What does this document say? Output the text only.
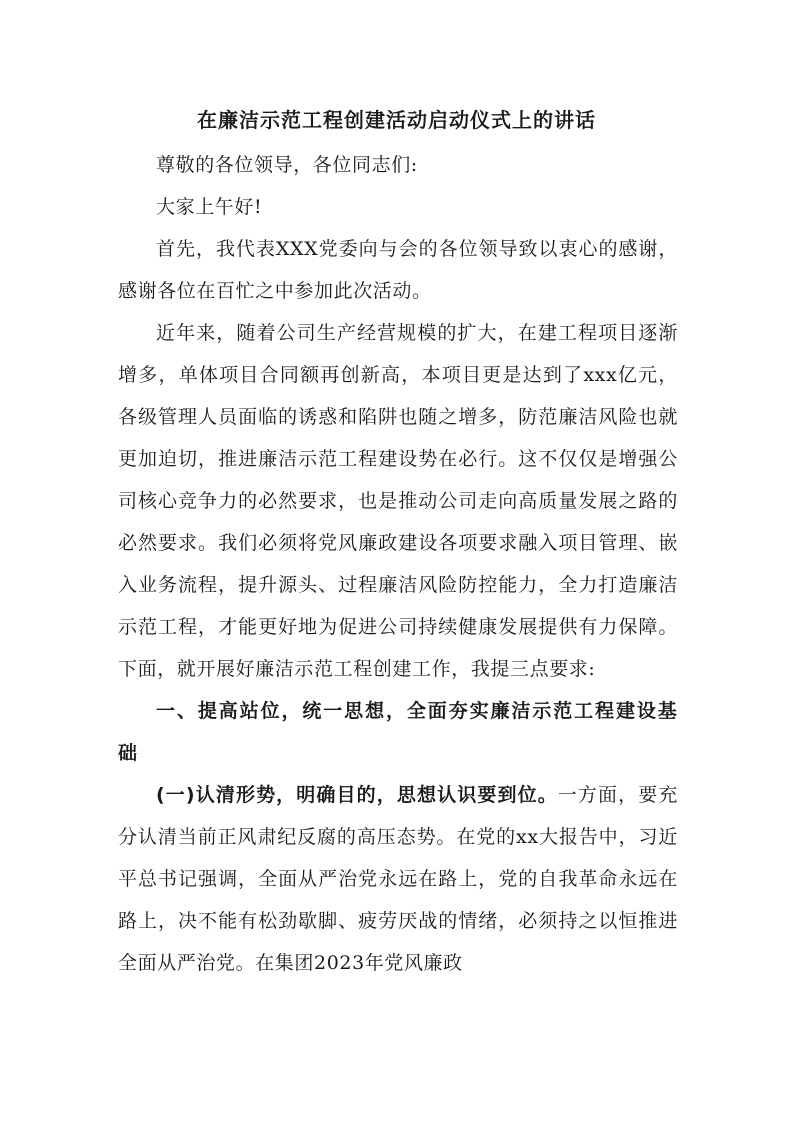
在廉洁示范工程创建活动启动仪式上的讲话

尊敬的各位领导，各位同志们:

大家上午好!

首先，我代表XXX党委向与会的各位领导致以衷心的感谢，感谢各位在百忙之中参加此次活动。

近年来，随着公司生产经营规模的扩大，在建工程项目逐渐增多，单体项目合同额再创新高，本项目更是达到了xxx亿元，各级管理人员面临的诱惑和陷阱也随之增多，防范廉洁风险也就更加迫切，推进廉洁示范工程建设势在必行。这不仅仅是增强公司核心竞争力的必然要求，也是推动公司走向高质量发展之路的必然要求。我们必须将党风廉政建设各项要求融入项目管理、嵌入业务流程，提升源头、过程廉洁风险防控能力，全力打造廉洁示范工程，才能更好地为促进公司持续健康发展提供有力保障。下面，就开展好廉洁示范工程创建工作，我提三点要求:

一、提高站位，统一思想，全面夯实廉洁示范工程建设基础

(一)认清形势，明确目的，思想认识要到位。一方面，要充分认清当前正风肃纪反腐的高压态势。在党的xx大报告中，习近平总书记强调，全面从严治党永远在路上，党的自我革命永远在路上，决不能有松劲歇脚、疲劳厌战的情绪，必须持之以恒推进全面从严治党。在集团2023年党风廉政
